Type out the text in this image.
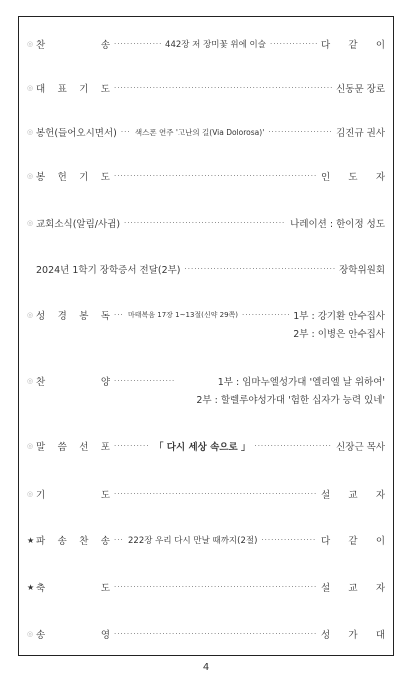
◎ 찬	송 ·····	442장 저 장미꽃 위에 이슬 ·····	다 같 이
◎ 대 표 기 도 ·····	신동문 장로
◎ 봉헌(들어오시면서) ····· 색스폰 연주 '고난의 길(Via Dolorosa)' ·····	김진규 권사
◎ 봉 헌 기 도 ·····	인 도 자
◎ 교회소식(알림/사귐) ·····	나레이션 : 한이정 성도
2024년 1학기 장학증서 전달(2부) ·····	장학위원회
◎ 성 경 봉 독 ·····	마태복음 17장 1~13절(신약 29쪽) ·····	1부 : 강기환 안수집사
2부 : 이병은 안수집사
◎ 찬	양 ·····	1부 : 임마누엘성가대 '엘리엘 날 위하여'
2부 : 할렐루야성가대 '험한 십자가 능력 있네'
◎ 말 씀 선 포 ·····	「 다시 세상 속으로 」 ·····	신장근 목사
◎ 기	도 ·····	설 교 자
★ 파 송 찬 송 ····· 222장 우리 다시 만날 때까지(2절) ·····	다 같 이
★ 축	도 ·····	설 교 자
◎ 송	영 ·····	성 가 대
4
